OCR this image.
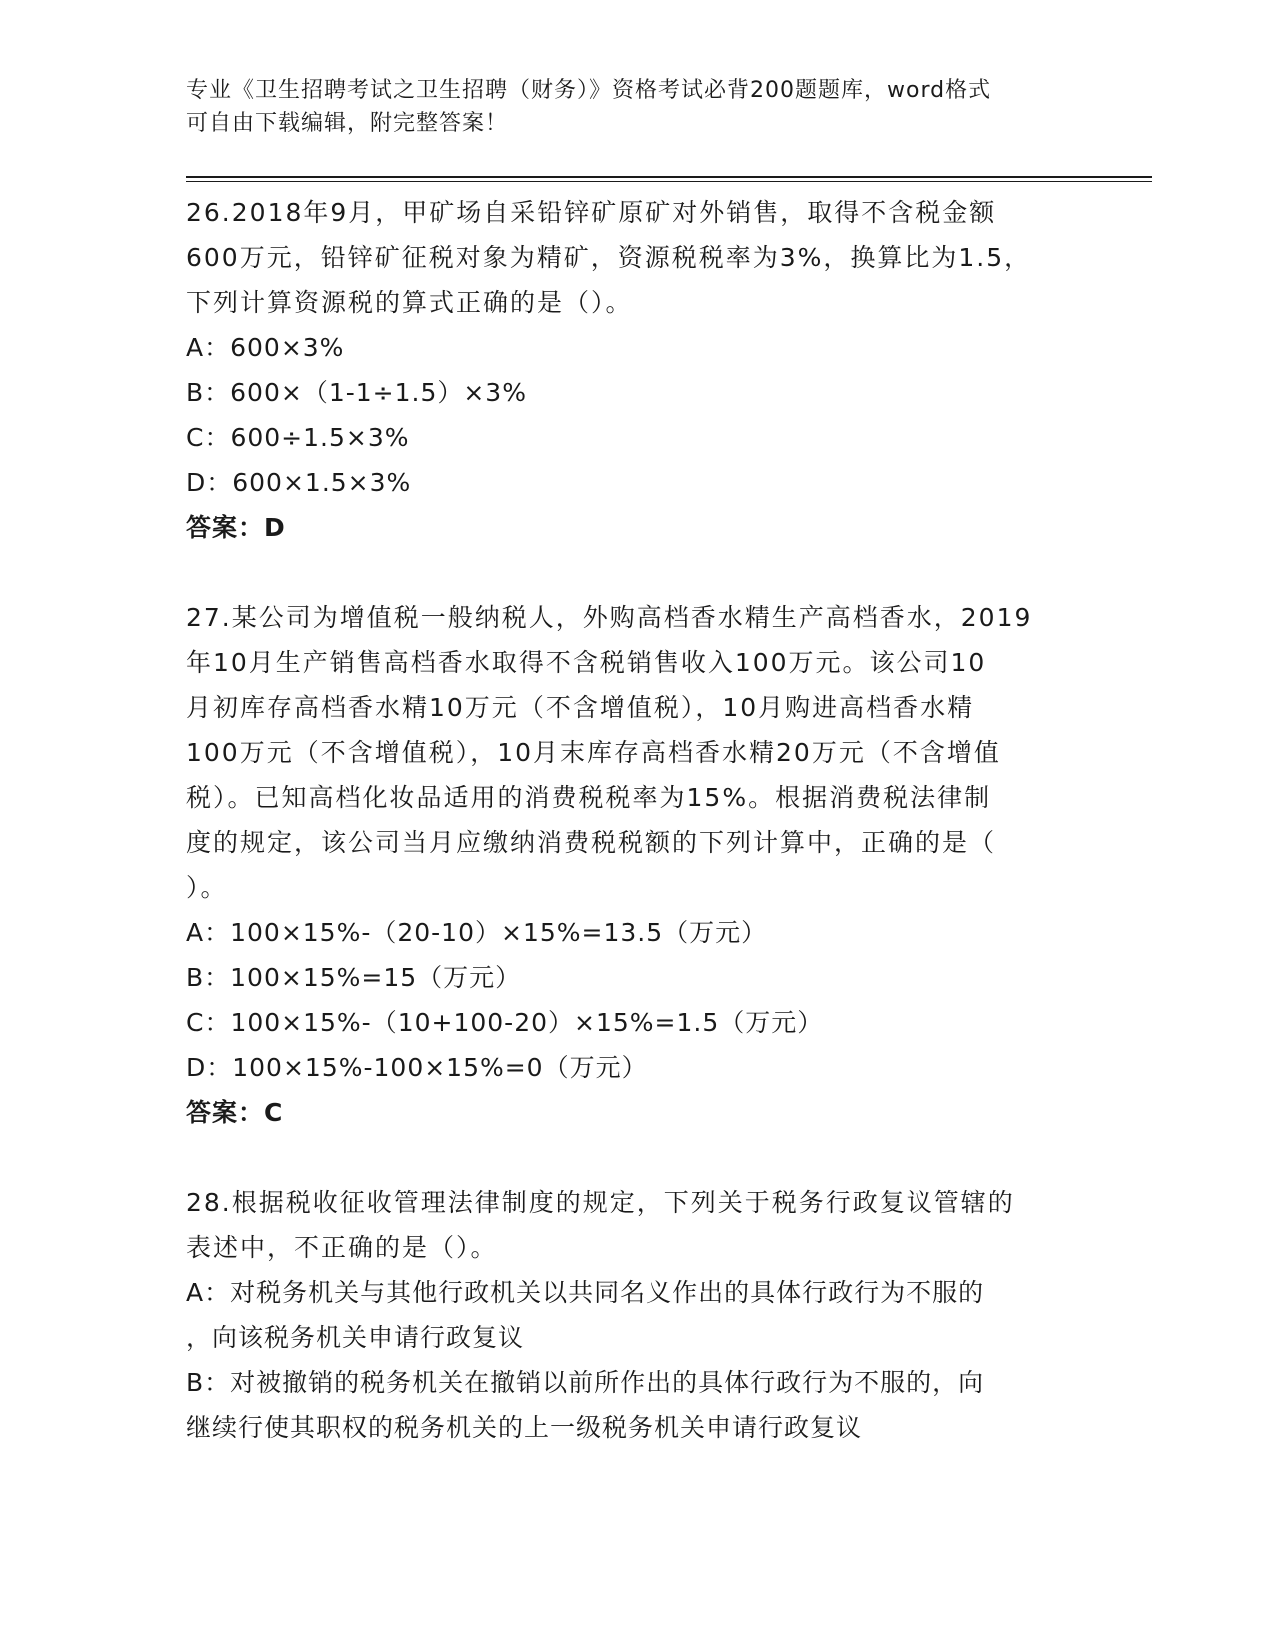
专业《卫生招聘考试之卫生招聘（财务）》资格考试必背200题题库，word格式
可自由下载编辑，附完整答案！

26.2018年9月，甲矿场自采铅锌矿原矿对外销售，取得不含税金额
600万元，铅锌矿征税对象为精矿，资源税税率为3%，换算比为1.5，
下列计算资源税的算式正确的是（）。

A：600×3%

B：600×（1-1÷1.5）×3%

C：600÷1.5×3%

D：600×1.5×3%

答案：D

27.某公司为增值税一般纳税人，外购高档香水精生产高档香水，2019
年10月生产销售高档香水取得不含税销售收入100万元。该公司10
月初库存高档香水精10万元（不含增值税），10月购进高档香水精
100万元（不含增值税），10月末库存高档香水精20万元（不含增值
税）。已知高档化妆品适用的消费税税率为15%。根据消费税法律制
度的规定，该公司当月应缴纳消费税税额的下列计算中，正确的是（
）。

A：100×15%-（20-10）×15%=13.5（万元）

B：100×15%=15（万元）

C：100×15%-（10+100-20）×15%=1.5（万元）

D：100×15%-100×15%=0（万元）

答案：C

28.根据税收征收管理法律制度的规定，下列关于税务行政复议管辖的
表述中，不正确的是（）。

A：对税务机关与其他行政机关以共同名义作出的具体行政行为不服的
，向该税务机关申请行政复议

B：对被撤销的税务机关在撤销以前所作出的具体行政行为不服的，向
继续行使其职权的税务机关的上一级税务机关申请行政复议
